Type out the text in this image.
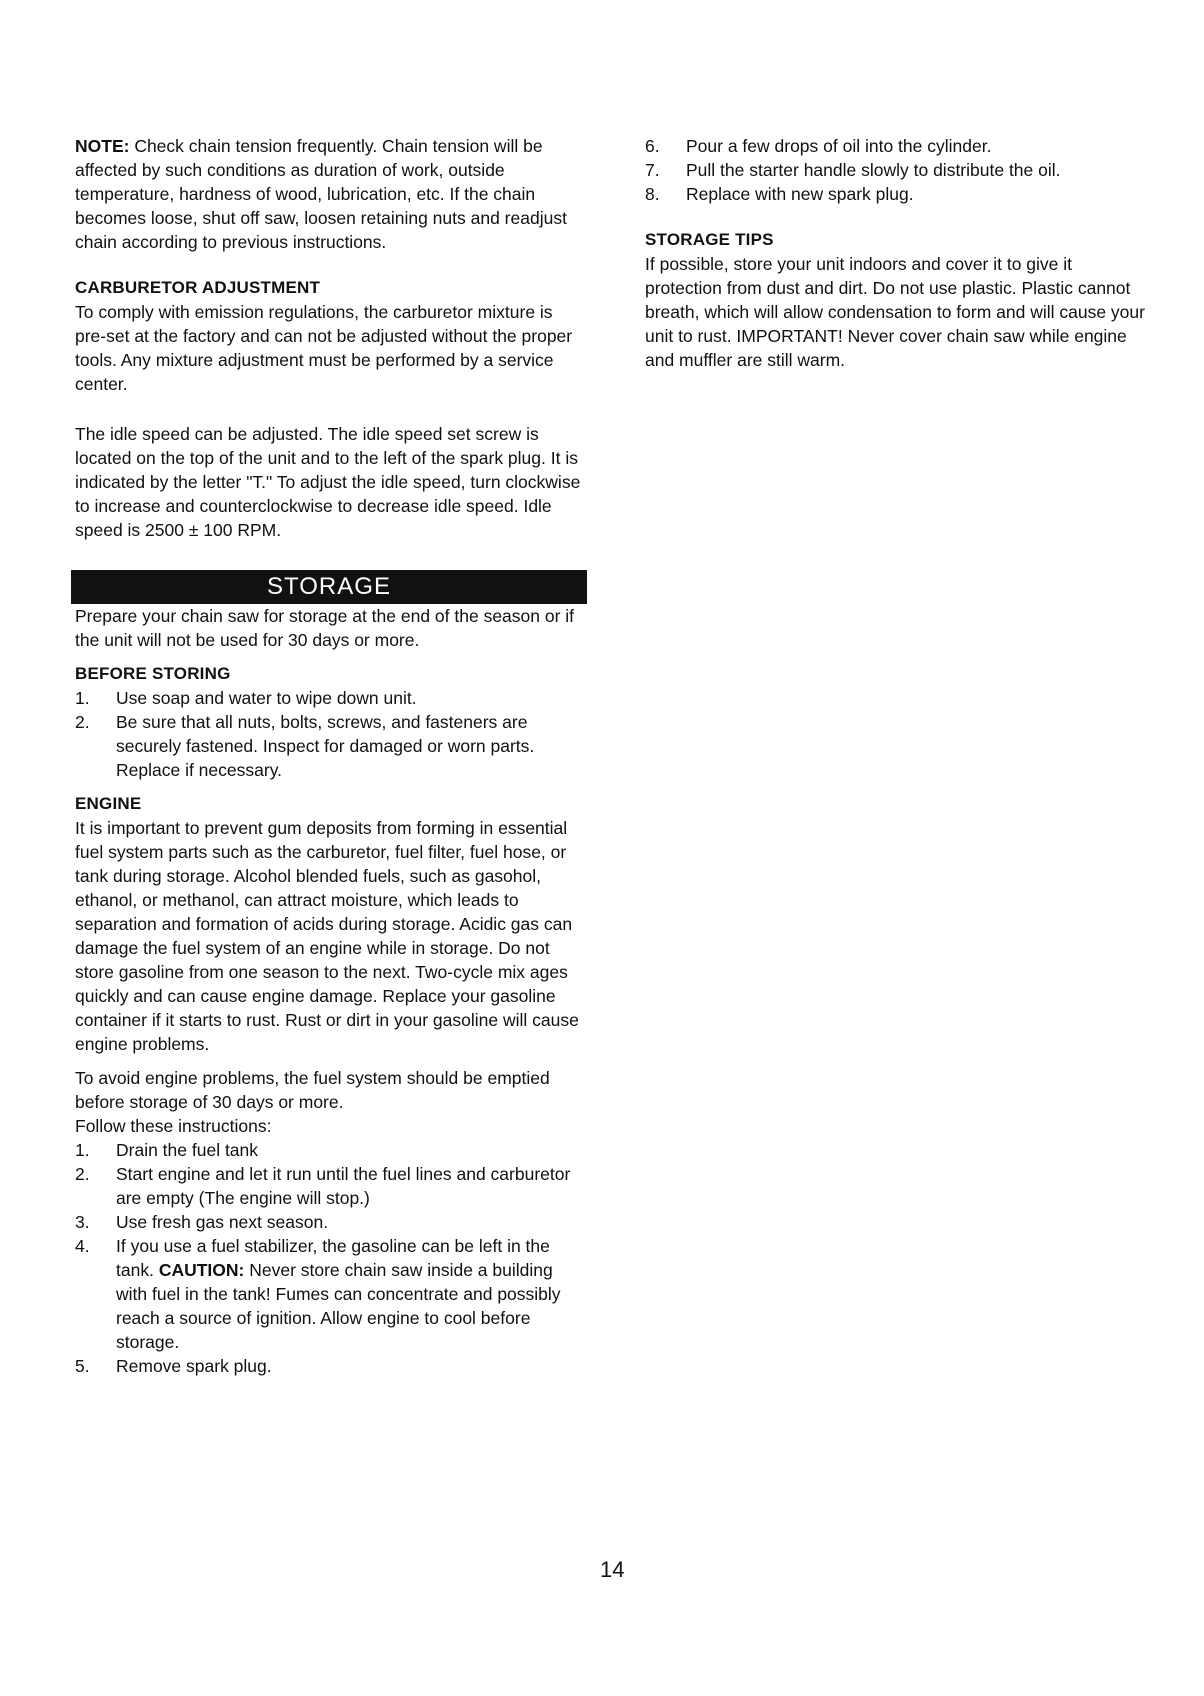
NOTE: Check chain tension frequently. Chain tension will be affected by such conditions as duration of work, outside temperature, hardness of wood, lubrication, etc. If the chain becomes loose, shut off saw, loosen retaining nuts and readjust chain according to previous instructions.

CARBURETOR ADJUSTMENT

To comply with emission regulations, the carburetor mixture is pre-set at the factory and can not be adjusted without the proper tools. Any mixture adjustment must be performed by a service center.

The idle speed can be adjusted. The idle speed set screw is located on the top of the unit and to the left of the spark plug. It is indicated by the letter "T." To adjust the idle speed, turn clockwise to increase and counterclockwise to decrease idle speed. Idle speed is 2500 ± 100 RPM.

STORAGE

Prepare your chain saw for storage at the end of the season or if the unit will not be used for 30 days or more.

BEFORE STORING
1. Use soap and water to wipe down unit.
2. Be sure that all nuts, bolts, screws, and fasteners are securely fastened. Inspect for damaged or worn parts. Replace if necessary.
ENGINE

It is important to prevent gum deposits from forming in essential fuel system parts such as the carburetor, fuel filter, fuel hose, or tank during storage. Alcohol blended fuels, such as gasohol, ethanol, or methanol, can attract moisture, which leads to separation and formation of acids during storage. Acidic gas can damage the fuel system of an engine while in storage. Do not store gasoline from one season to the next. Two-cycle mix ages quickly and can cause engine damage. Replace your gasoline container if it starts to rust. Rust or dirt in your gasoline will cause engine problems.

To avoid engine problems, the fuel system should be emptied before storage of 30 days or more.

Follow these instructions:

1. Drain the fuel tank
2. Start engine and let it run until the fuel lines and carburetor are empty (The engine will stop.)
3. Use fresh gas next season.
4. If you use a fuel stabilizer, the gasoline can be left in the tank. CAUTION: Never store chain saw inside a building with fuel in the tank! Fumes can concentrate and possibly reach a source of ignition. Allow engine to cool before storage.
5. Remove spark plug.
6. Pour a few drops of oil into the cylinder.
7. Pull the starter handle slowly to distribute the oil.
8. Replace with new spark plug.
STORAGE TIPS

If possible, store your unit indoors and cover it to give it protection from dust and dirt. Do not use plastic. Plastic cannot breath, which will allow condensation to form and will cause your unit to rust. IMPORTANT! Never cover chain saw while engine and muffler are still warm.

14
